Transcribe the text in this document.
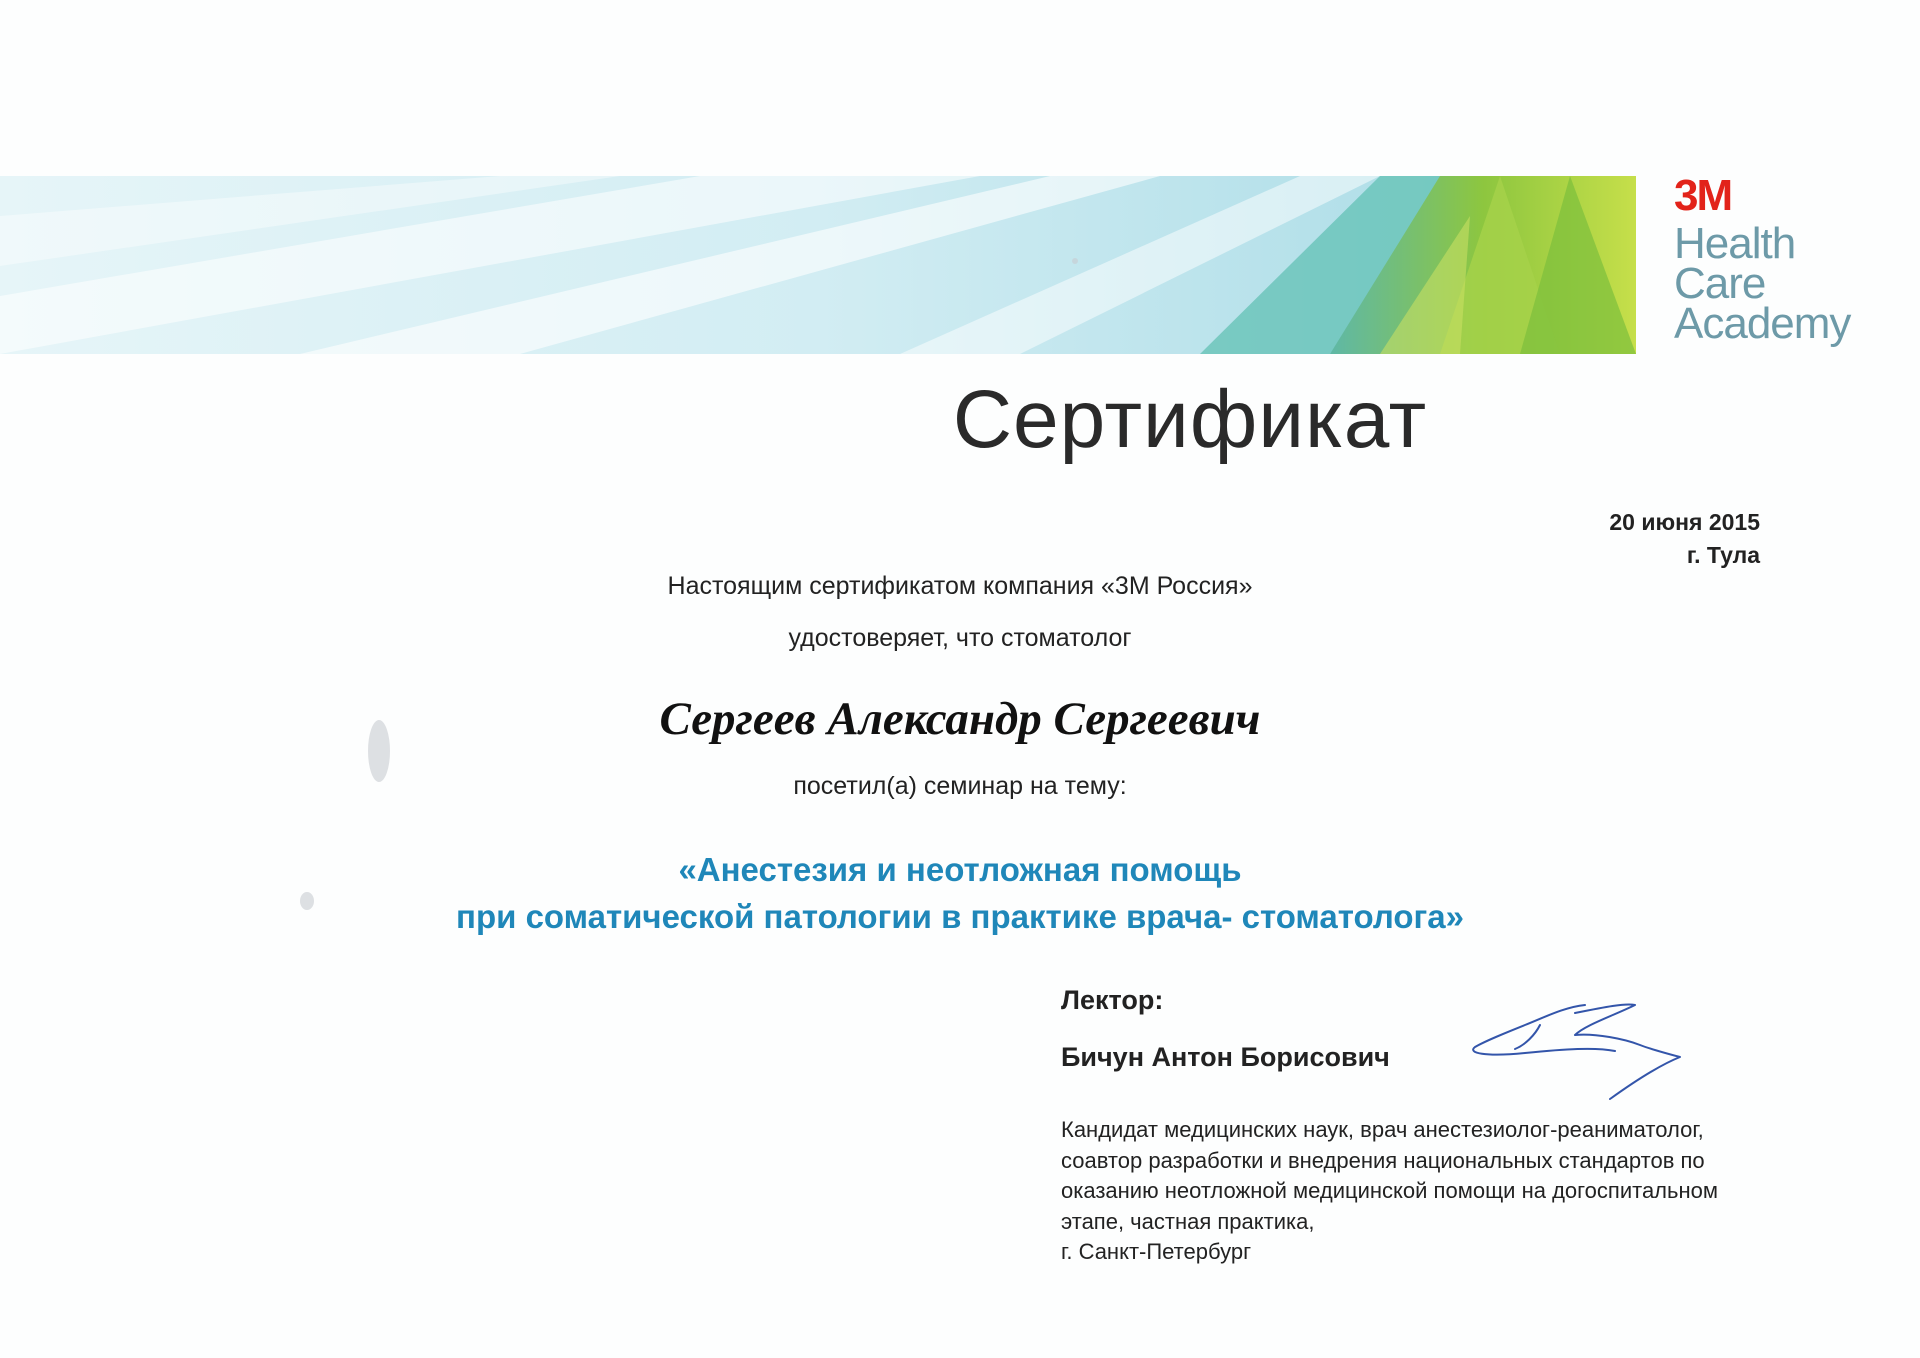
3M
Health
Care
Academy
Сертификат
20 июня 2015
г. Тула
Настоящим сертификатом компания «3М Россия»
удостоверяет, что стоматолог
Сергеев Александр Сергеевич
посетил(а) семинар на тему:
«Анестезия и неотложная помощь
при соматической патологии в практике врача- стоматолога»
Лектор:
Бичун Антон Борисович
Кандидат медицинских наук, врач анестезиолог-реаниматолог,
соавтор разработки и внедрения национальных стандартов по
оказанию неотложной медицинской помощи на догоспитальном
этапе, частная практика,
г. Санкт-Петербург
